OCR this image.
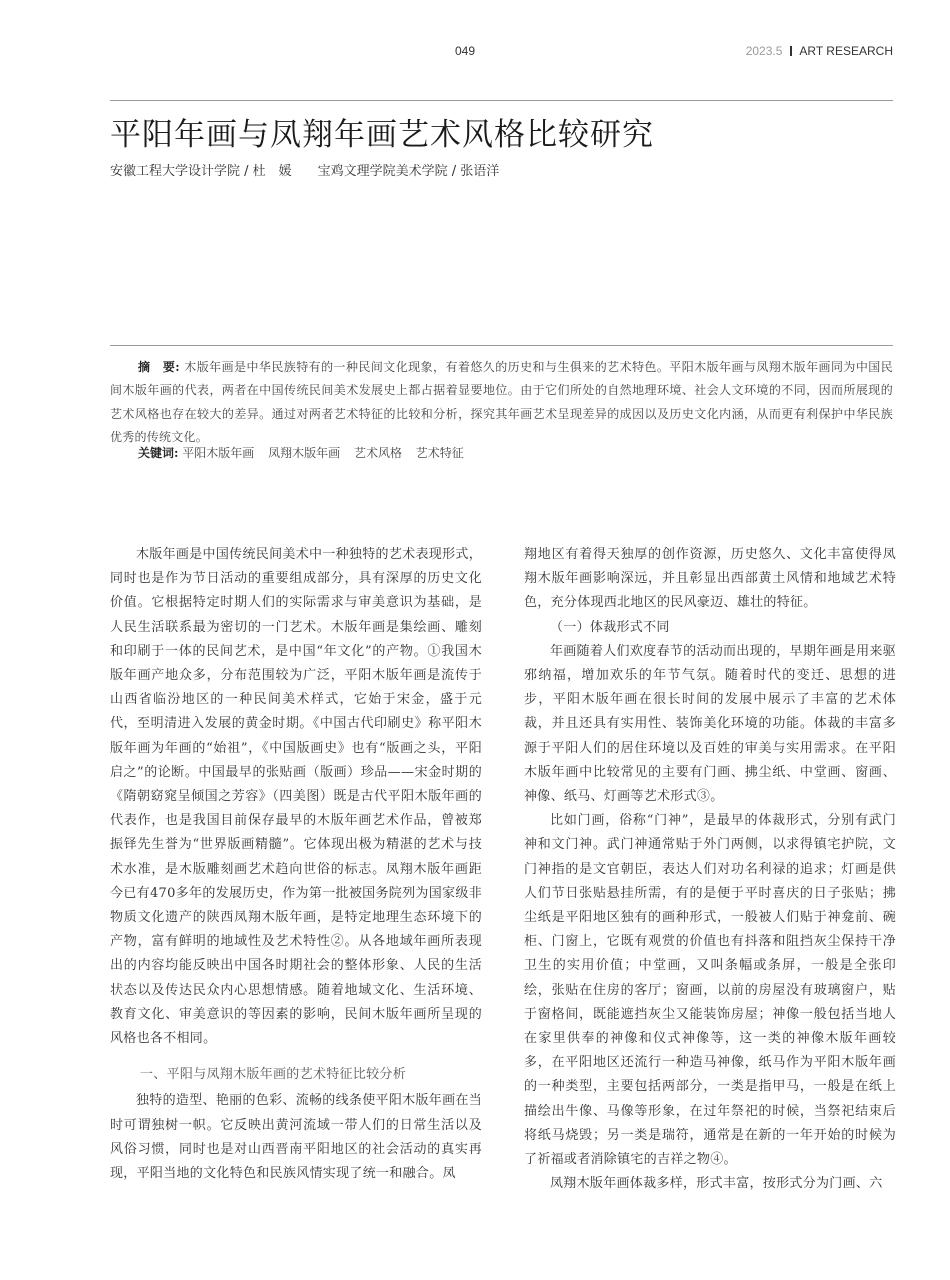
049	2023.5 ART RESEARCH
平阳年画与凤翔年画艺术风格比较研究
安徽工程大学设计学院 / 杜　媛　　宝鸡文理学院美术学院 / 张语洋
摘　要: 木版年画是中华民族特有的一种民间文化现象，有着悠久的历史和与生俱来的艺术特色。平阳木版年画与凤翔木版年画同为中国民间木版年画的代表，两者在中国传统民间美术发展史上都占据着显要地位。由于它们所处的自然地理环境、社会人文环境的不同，因而所展现的艺术风格也存在较大的差异。通过对两者艺术特征的比较和分析，探究其年画艺术呈现差异的成因以及历史文化内涵，从而更有利保护中华民族优秀的传统文化。
关键词: 平阳木版年画 凤翔木版年画 艺术风格 艺术特征

木版年画是中国传统民间美术中一种独特的艺术表现形式，同时也是作为节日活动的重要组成部分，具有深厚的历史文化价值。它根据特定时期人们的实际需求与审美意识为基础，是人民生活联系最为密切的一门艺术。木版年画是集绘画、雕刻和印刷于一体的民间艺术，是中国“年文化”的产物。①我国木版年画产地众多，分布范围较为广泛，平阳木版年画是流传于山西省临汾地区的一种民间美术样式，它始于宋金，盛于元代，至明清进入发展的黄金时期。《中国古代印刷史》称平阳木版年画为年画的“始祖”，《中国版画史》也有“版画之头，平阳启之”的论断。中国最早的张贴画（版画）珍品——宋金时期的《隋朝窈窕呈倾国之芳容》（四美图）既是古代平阳木版年画的代表作，也是我国目前保存最早的木版年画艺术作品，曾被郑振铎先生誉为“世界版画精髓”。它体现出极为精湛的艺术与技术水准，是木版雕刻画艺术趋向世俗的标志。凤翔木版年画距今已有470多年的发展历史，作为第一批被国务院列为国家级非物质文化遗产的陕西凤翔木版年画，是特定地理生态环境下的产物，富有鲜明的地域性及艺术特性②。从各地域年画所表现出的内容均能反映出中国各时期社会的整体形象、人民的生活状态以及传达民众内心思想情感。随着地域文化、生活环境、教育文化、审美意识的等因素的影响，民间木版年画所呈现的风格也各不相同。

一、平阳与凤翔木版年画的艺术特征比较分析

独特的造型、艳丽的色彩、流畅的线条使平阳木版年画在当时可谓独树一帜。它反映出黄河流域一带人们的日常生活以及风俗习惯，同时也是对山西晋南平阳地区的社会活动的真实再现，平阳当地的文化特色和民族风情实现了统一和融合。凤

翔地区有着得天独厚的创作资源，历史悠久、文化丰富使得凤翔木版年画影响深远，并且彰显出西部黄土风情和地域艺术特色，充分体现西北地区的民风豪迈、雄壮的特征。

（一）体裁形式不同

年画随着人们欢度春节的活动而出现的，早期年画是用来驱邪纳福，增加欢乐的年节气氛。随着时代的变迁、思想的进步，平阳木版年画在很长时间的发展中展示了丰富的艺术体裁，并且还具有实用性、装饰美化环境的功能。体裁的丰富多源于平阳人们的居住环境以及百姓的审美与实用需求。在平阳木版年画中比较常见的主要有门画、拂尘纸、中堂画、窗画、神像、纸马、灯画等艺术形式③。

比如门画，俗称“门神”，是最早的体裁形式，分别有武门神和文门神。武门神通常贴于外门两侧，以求得镇宅护院，文门神指的是文官朝臣，表达人们对功名利禄的追求；灯画是供人们节日张贴悬挂所需，有的是便于平时喜庆的日子张贴；拂尘纸是平阳地区独有的画种形式，一般被人们贴于神龛前、碗柜、门窗上，它既有观赏的价值也有抖落和阻挡灰尘保持干净卫生的实用价值；中堂画，又叫条幅或条屏，一般是全张印绘，张贴在住房的客厅；窗画，以前的房屋没有玻璃窗户，贴于窗格间，既能遮挡灰尘又能装饰房屋；神像一般包括当地人在家里供奉的神像和仪式神像等，这一类的神像木版年画较多，在平阳地区还流行一种造马神像，纸马作为平阳木版年画的一种类型，主要包括两部分，一类是指甲马，一般是在纸上描绘出牛像、马像等形象，在过年祭祀的时候，当祭祀结束后将纸马烧毁；另一类是瑞符，通常是在新的一年开始的时候为了祈福或者消除镇宅的吉祥之物④。

凤翔木版年画体裁多样，形式丰富，按形式分为门画、六
